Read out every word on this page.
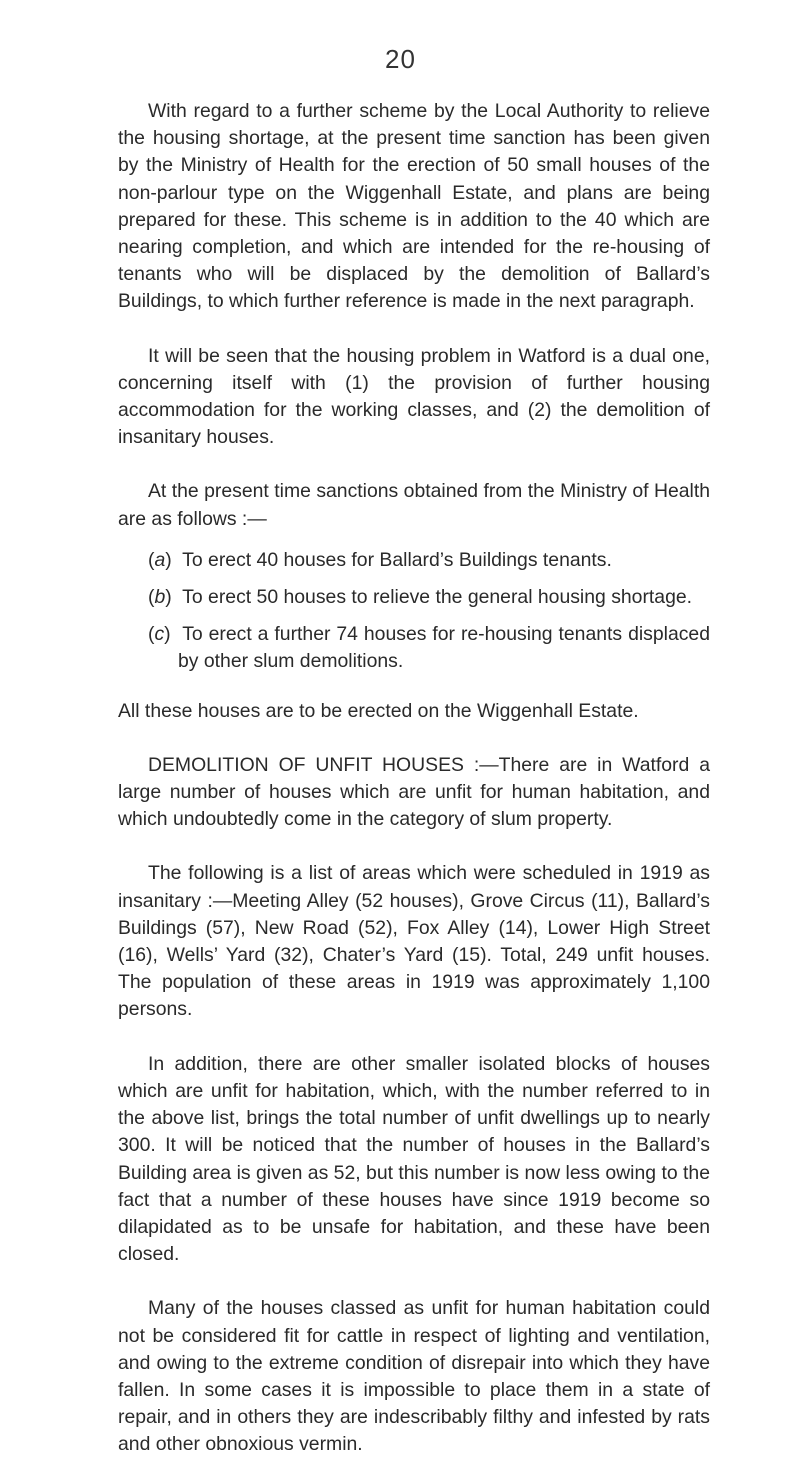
20

With regard to a further scheme by the Local Authority to relieve the housing shortage, at the present time sanction has been given by the Ministry of Health for the erection of 50 small houses of the non-parlour type on the Wiggenhall Estate, and plans are being prepared for these. This scheme is in addition to the 40 which are nearing completion, and which are intended for the re-housing of tenants who will be displaced by the demolition of Ballard’s Buildings, to which further reference is made in the next paragraph.

It will be seen that the housing problem in Watford is a dual one, concerning itself with (1) the provision of further housing accommodation for the working classes, and (2) the demolition of insanitary houses.

At the present time sanctions obtained from the Ministry of Health are as follows :—

(a) To erect 40 houses for Ballard’s Buildings tenants.

(b) To erect 50 houses to relieve the general housing shortage.

(c) To erect a further 74 houses for re-housing tenants displaced by other slum demolitions.

All these houses are to be erected on the Wiggenhall Estate.

DEMOLITION OF UNFIT HOUSES :—There are in Watford a large number of houses which are unfit for human habitation, and which undoubtedly come in the category of slum property.

The following is a list of areas which were scheduled in 1919 as insanitary :—Meeting Alley (52 houses), Grove Circus (11), Ballard’s Buildings (57), New Road (52), Fox Alley (14), Lower High Street (16), Wells’ Yard (32), Chater’s Yard (15). Total, 249 unfit houses. The population of these areas in 1919 was approximately 1,100 persons.

In addition, there are other smaller isolated blocks of houses which are unfit for habitation, which, with the number referred to in the above list, brings the total number of unfit dwellings up to nearly 300. It will be noticed that the number of houses in the Ballard’s Building area is given as 52, but this number is now less owing to the fact that a number of these houses have since 1919 become so dilapidated as to be unsafe for habitation, and these have been closed.

Many of the houses classed as unfit for human habitation could not be considered fit for cattle in respect of lighting and ventilation, and owing to the extreme condition of disrepair into which they have fallen. In some cases it is impossible to place them in a state of repair, and in others they are indescribably filthy and infested by rats and other obnoxious vermin.
